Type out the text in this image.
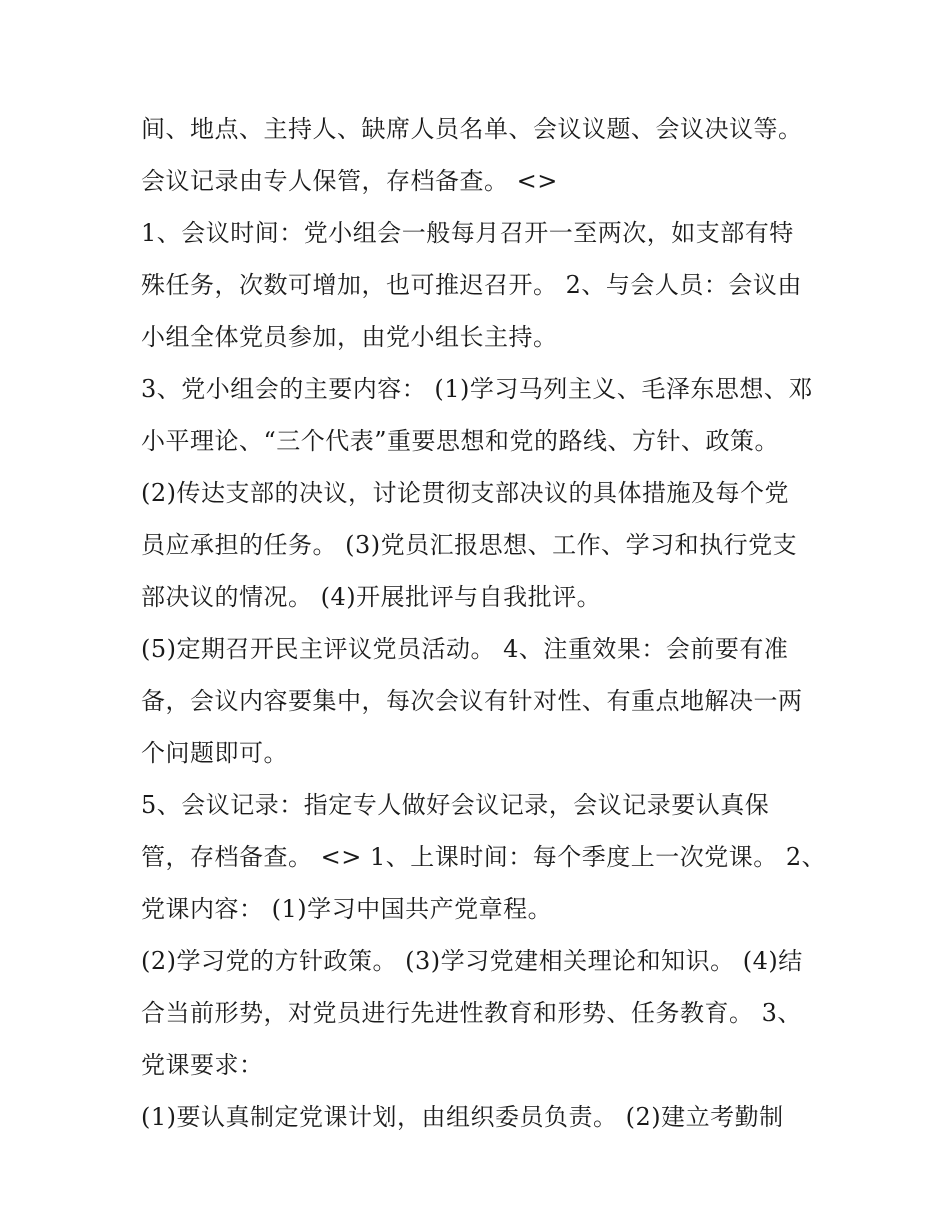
间、地点、主持人、缺席人员名单、会议议题、会议决议等。
会议记录由专人保管，存档备查。 <>
1、会议时间：党小组会一般每月召开一至两次，如支部有特
殊任务，次数可增加，也可推迟召开。 2、与会人员：会议由
小组全体党员参加，由党小组长主持。
3、党小组会的主要内容： (1)学习马列主义、毛泽东思想、邓
小平理论、“三个代表”重要思想和党的路线、方针、政策。
(2)传达支部的决议，讨论贯彻支部决议的具体措施及每个党
员应承担的任务。 (3)党员汇报思想、工作、学习和执行党支
部决议的情况。 (4)开展批评与自我批评。
(5)定期召开民主评议党员活动。 4、注重效果：会前要有准
备，会议内容要集中，每次会议有针对性、有重点地解决一两
个问题即可。
5、会议记录：指定专人做好会议记录，会议记录要认真保
管，存档备查。 <> 1、上课时间：每个季度上一次党课。 2、
党课内容： (1)学习中国共产党章程。
(2)学习党的方针政策。 (3)学习党建相关理论和知识。 (4)结
合当前形势，对党员进行先进性教育和形势、任务教育。 3、
党课要求：
(1)要认真制定党课计划，由组织委员负责。 (2)建立考勤制
